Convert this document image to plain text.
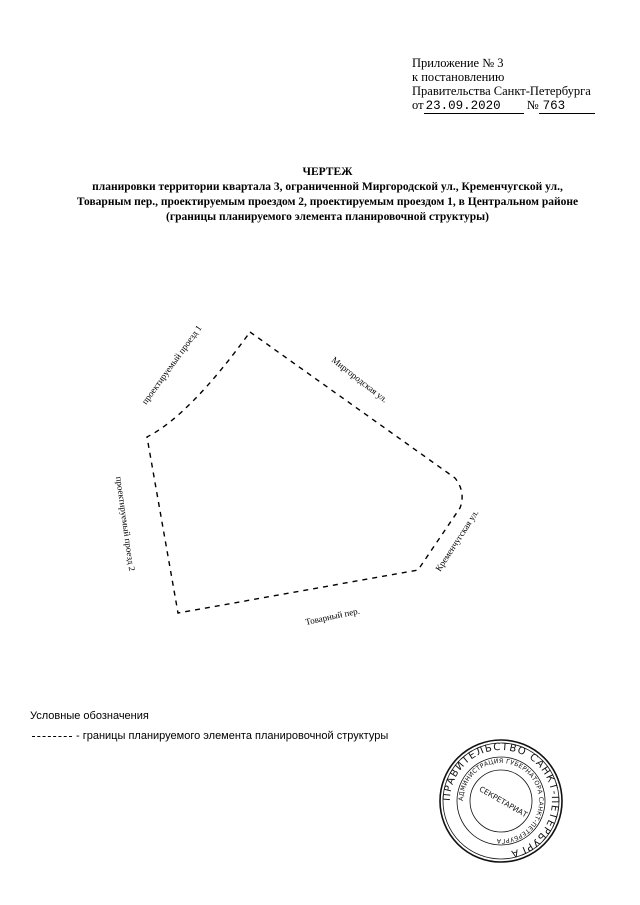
Приложение № 3
к постановлению
Правительства Санкт-Петербурга
от 23.09.2020 № 763
ЧЕРТЕЖ
планировки территории квартала 3, ограниченной Миргородской ул., Кременчугской ул.,
Товарным пер., проектируемым проездом 2, проектируемым проездом 1, в Центральном районе
(границы планируемого элемента планировочной структуры)
проектируемый проезд 1	Миргородская ул.
проектируемый проезд 2	Кременчугская ул.
Товарный пер.
Условные обозначения
- границы планируемого элемента планировочной структуры
ПРАВИТЕЛЬСТВО САНКТ-ПЕТЕРБУРГА
АДМИНИСТРАЦИЯ ГУБЕРНАТОРА САНКТ-ПЕТЕРБУРГА
СЕКРЕТАРИАТ
